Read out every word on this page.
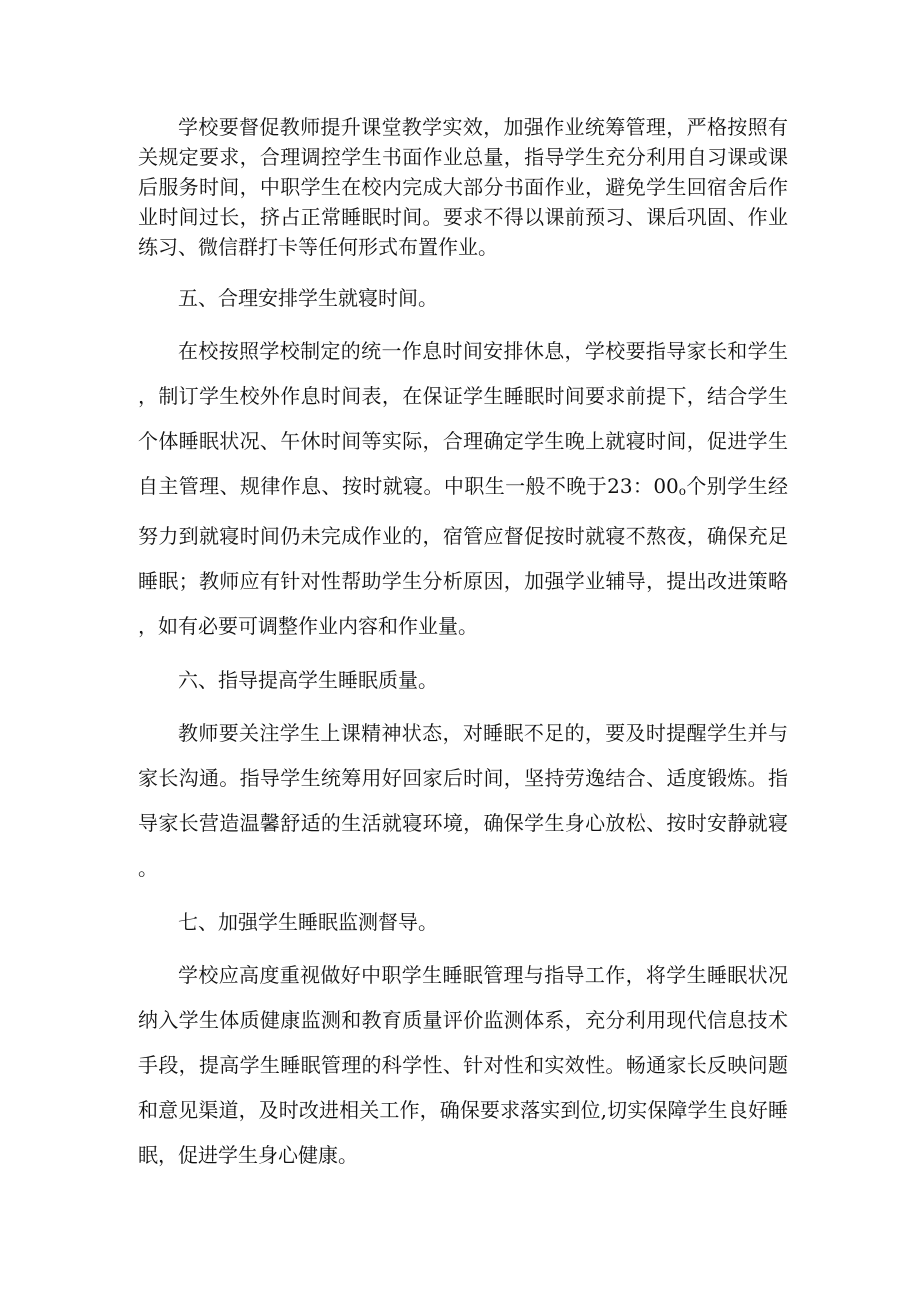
学校要督促教师提升课堂教学实效，加强作业统筹管理，严格按照有关规定要求，合理调控学生书面作业总量，指导学生充分利用自习课或课后服务时间，中职学生在校内完成大部分书面作业，避免学生回宿舍后作业时间过长，挤占正常睡眠时间。要求不得以课前预习、课后巩固、作业练习、微信群打卡等任何形式布置作业。

五、合理安排学生就寝时间。

在校按照学校制定的统一作息时间安排休息，学校要指导家长和学生，制订学生校外作息时间表，在保证学生睡眠时间要求前提下，结合学生个体睡眠状况、午休时间等实际，合理确定学生晚上就寝时间，促进学生自主管理、规律作息、按时就寝。中职生一般不晚于23：00o个别学生经努力到就寝时间仍未完成作业的，宿管应督促按时就寝不熬夜，确保充足睡眠；教师应有针对性帮助学生分析原因，加强学业辅导，提出改进策略，如有必要可调整作业内容和作业量。

六、指导提高学生睡眠质量。

教师要关注学生上课精神状态，对睡眠不足的，要及时提醒学生并与家长沟通。指导学生统筹用好回家后时间，坚持劳逸结合、适度锻炼。指导家长营造温馨舒适的生活就寝环境，确保学生身心放松、按时安静就寝。

七、加强学生睡眠监测督导。

学校应高度重视做好中职学生睡眠管理与指导工作，将学生睡眠状况纳入学生体质健康监测和教育质量评价监测体系，充分利用现代信息技术手段，提高学生睡眠管理的科学性、针对性和实效性。畅通家长反映问题和意见渠道，及时改进相关工作，确保要求落实到位,切实保障学生良好睡眠，促进学生身心健康。
